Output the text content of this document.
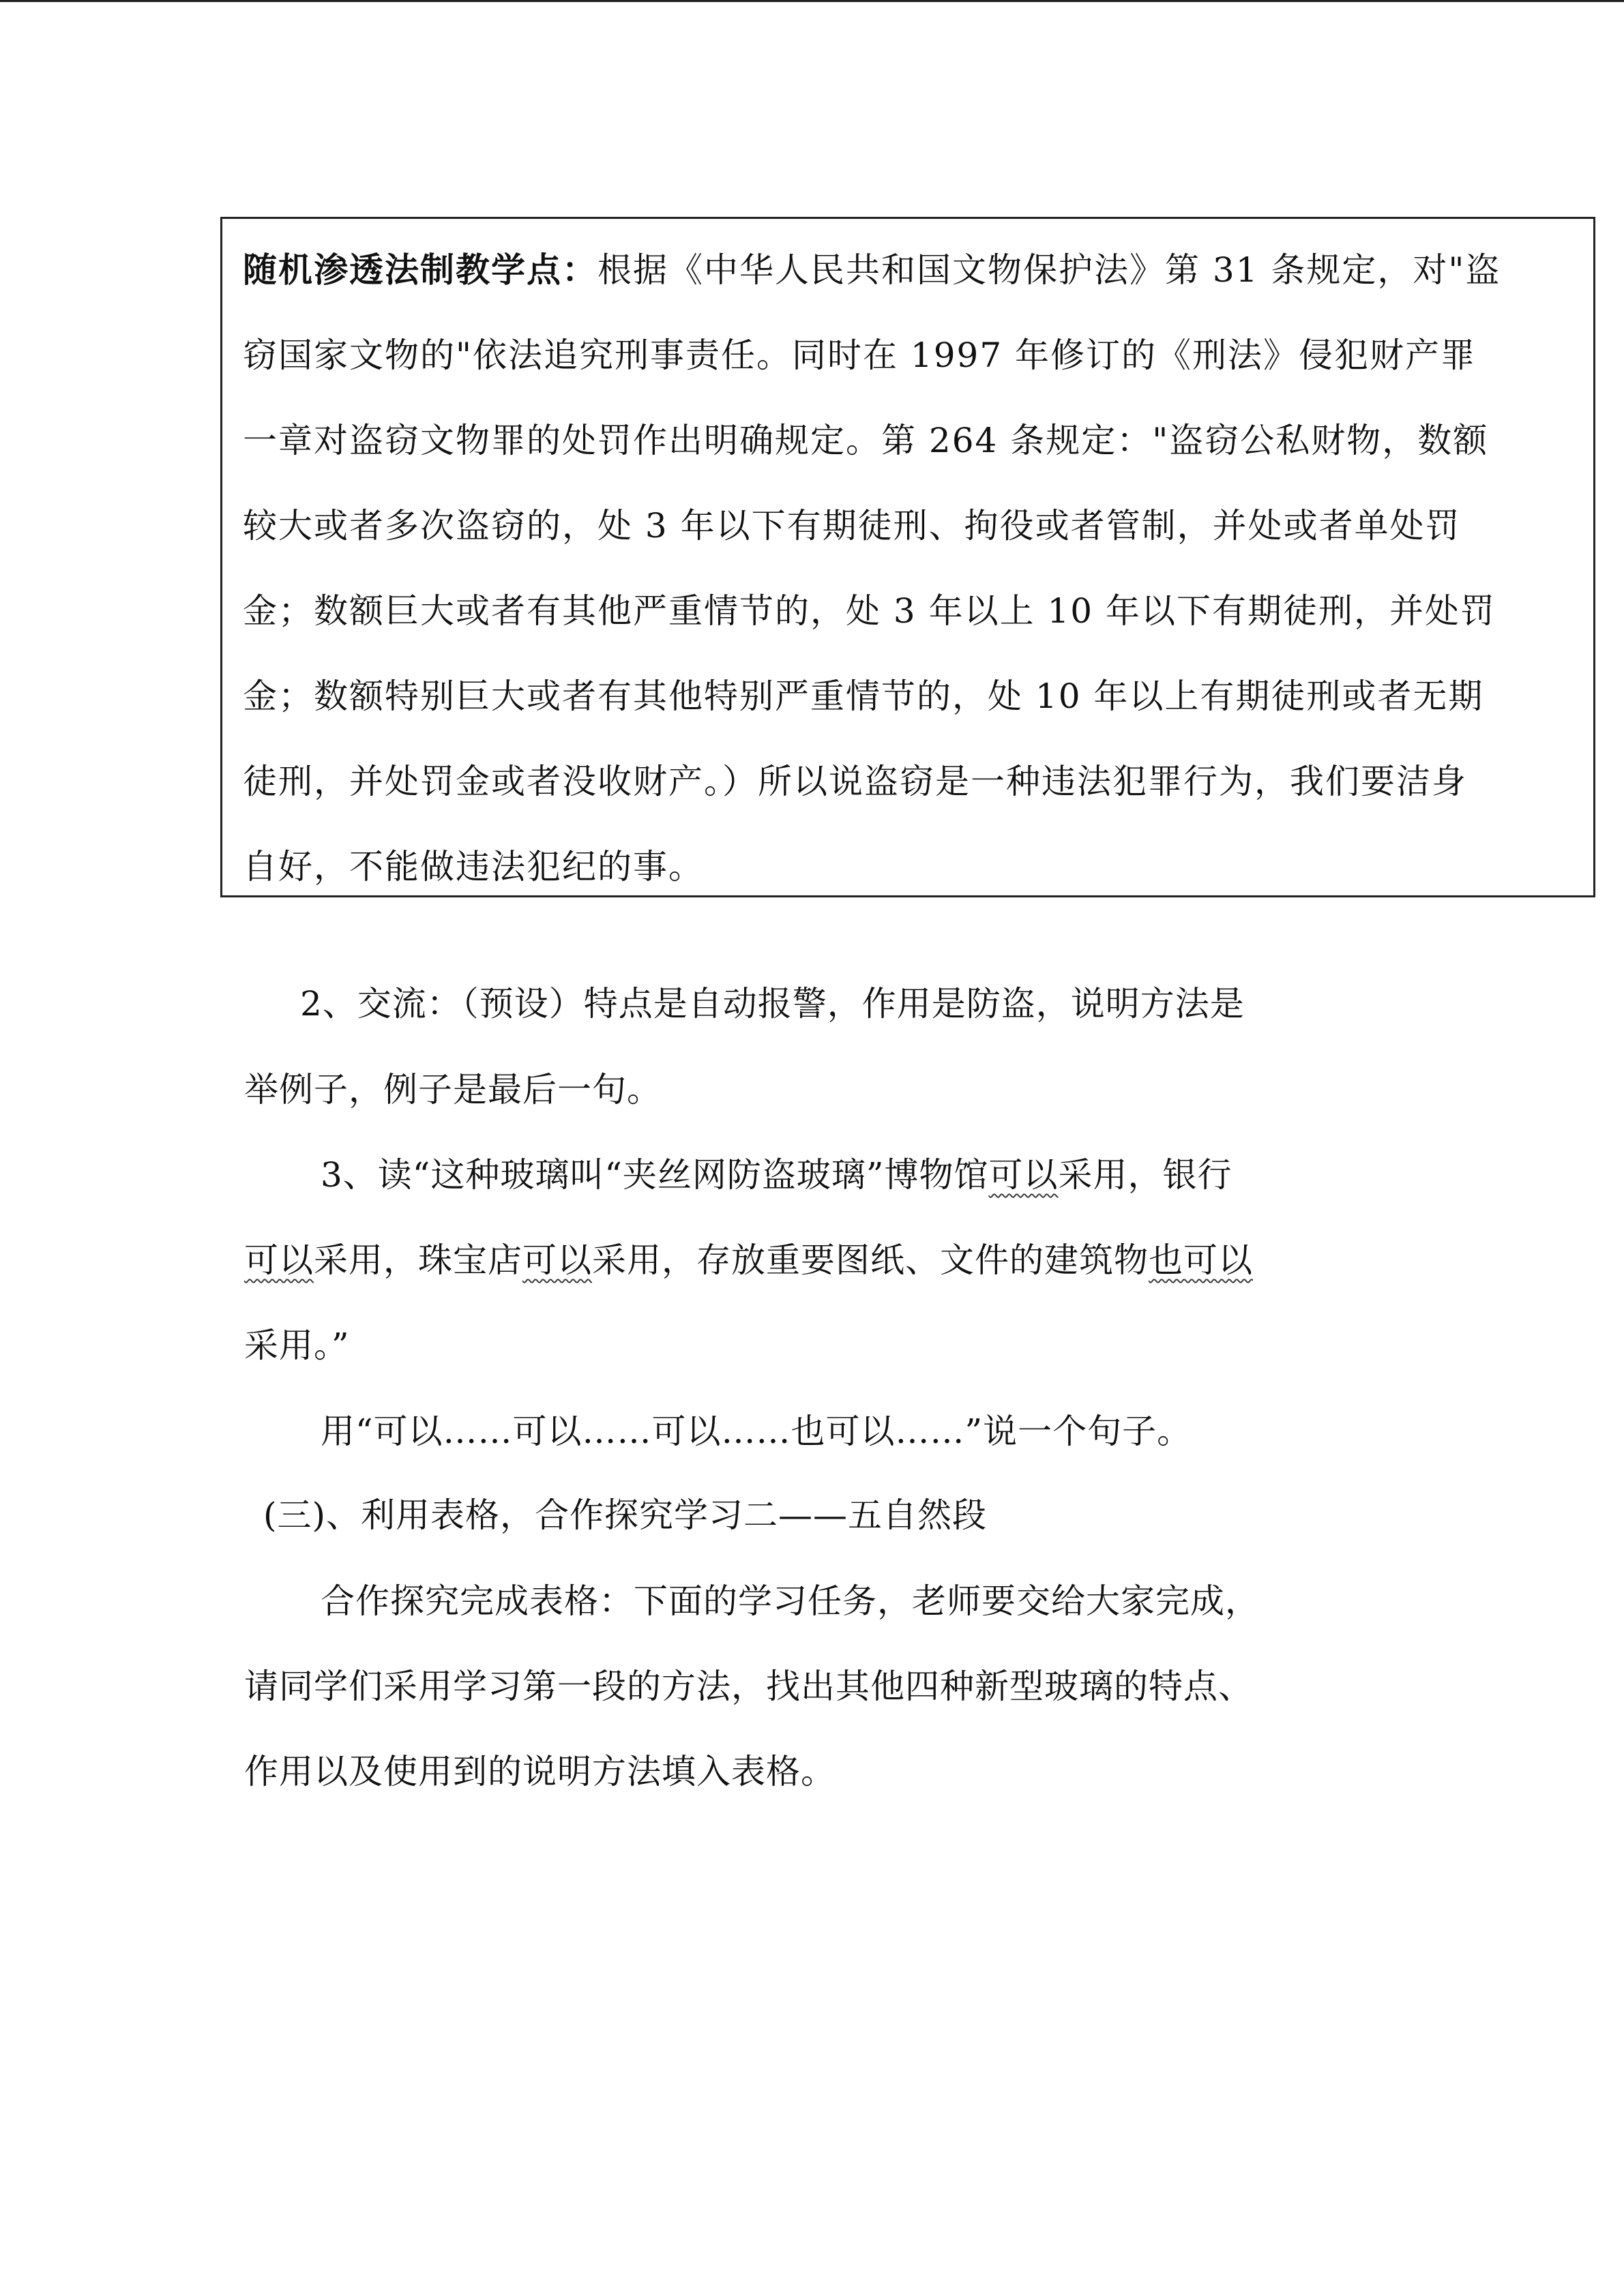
随机渗透法制教学点：根据《中华人民共和国文物保护法》第 31 条规定，对"盗
窃国家文物的"依法追究刑事责任。同时在 1997 年修订的《刑法》侵犯财产罪
一章对盗窃文物罪的处罚作出明确规定。第 264 条规定："盗窃公私财物，数额
较大或者多次盗窃的，处 3 年以下有期徒刑、拘役或者管制，并处或者单处罚
金；数额巨大或者有其他严重情节的，处 3 年以上 10 年以下有期徒刑，并处罚
金；数额特别巨大或者有其他特别严重情节的，处 10 年以上有期徒刑或者无期
徒刑，并处罚金或者没收财产。）所以说盗窃是一种违法犯罪行为，我们要洁身
自好，不能做违法犯纪的事。
2、交流：（预设）特点是自动报警，作用是防盗，说明方法是
举例子，例子是最后一句。
3、读“这种玻璃叫“夹丝网防盗玻璃”博物馆可以采用，银行
可以采用，珠宝店可以采用，存放重要图纸、文件的建筑物也可以
采用。”
用“可以……可以……可以……也可以……”说一个句子。
(三)、利用表格，合作探究学习二——五自然段
合作探究完成表格：下面的学习任务，老师要交给大家完成，
请同学们采用学习第一段的方法，找出其他四种新型玻璃的特点、
作用以及使用到的说明方法填入表格。
